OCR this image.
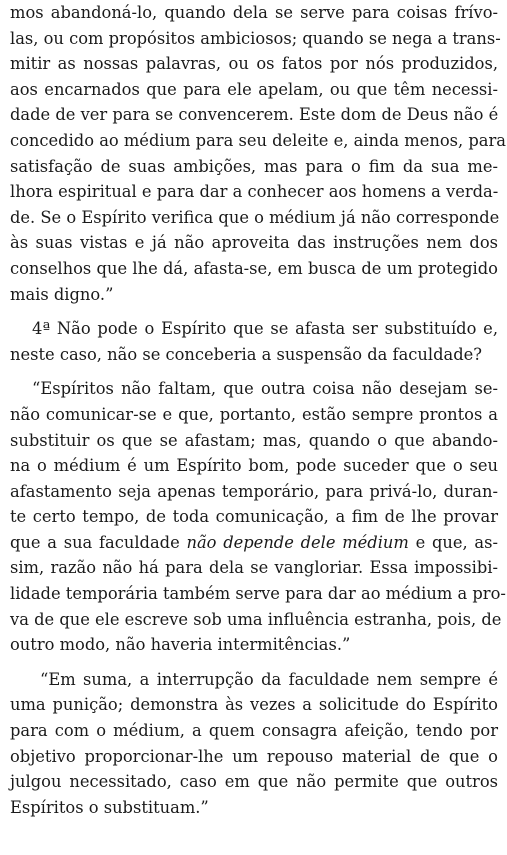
mos abandoná-lo, quando dela se serve para coisas frívo-
las, ou com propósitos ambiciosos; quando se nega a trans-
mitir as nossas palavras, ou os fatos por nós produzidos,
aos encarnados que para ele apelam, ou que têm necessi-
dade de ver para se convencerem. Este dom de Deus não é
concedido ao médium para seu deleite e, ainda menos, para
satisfação de suas ambições, mas para o fim da sua me-
lhora espiritual e para dar a conhecer aos homens a verda-
de. Se o Espírito verifica que o médium já não corresponde
às suas vistas e já não aproveita das instruções nem dos
conselhos que lhe dá, afasta-se, em busca de um protegido
mais digno.”

4ª Não pode o Espírito que se afasta ser substituído e,
neste caso, não se conceberia a suspensão da faculdade?

“Espíritos não faltam, que outra coisa não desejam se-
não comunicar-se e que, portanto, estão sempre prontos a
substituir os que se afastam; mas, quando o que abando-
na o médium é um Espírito bom, pode suceder que o seu
afastamento seja apenas temporário, para privá-lo, duran-
te certo tempo, de toda comunicação, a fim de lhe provar
que a sua faculdade não depende dele médium e que, as-
sim, razão não há para dela se vangloriar. Essa impossibi-
lidade temporária também serve para dar ao médium a pro-
va de que ele escreve sob uma influência estranha, pois, de
outro modo, não haveria intermitências.”

“Em suma, a interrupção da faculdade nem sempre é
uma punição; demonstra às vezes a solicitude do Espírito
para com o médium, a quem consagra afeição, tendo por
objetivo proporcionar-lhe um repouso material de que o
julgou necessitado, caso em que não permite que outros
Espíritos o substituam.”
